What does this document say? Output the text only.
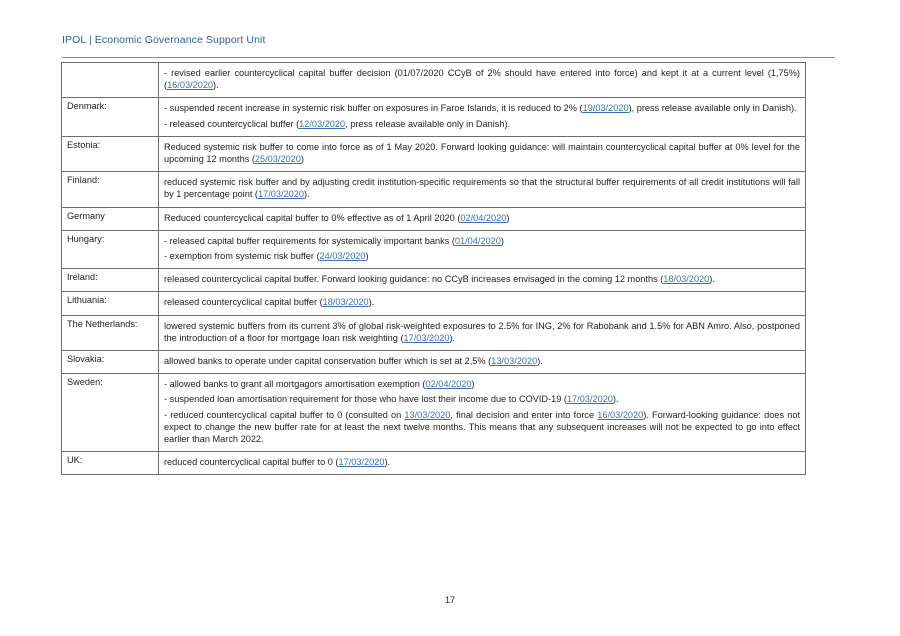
IPOL | Economic Governance Support Unit

	- revised earlier countercyclical capital buffer decision (01/07/2020 CCyB of 2% should have entered into force) and kept it at a current level (1,75%) (16/03/2020).

Denmark:	- suspended recent increase in systemic risk buffer on exposures in Faroe Islands, it is reduced to 2% (19/03/2020), press release available only in Danish).
- released countercyclical buffer (12/03/2020, press release available only in Danish).

Estonia:	Reduced systemic risk buffer to come into force as of 1 May 2020. Forward looking guidance: will maintain countercyclical capital buffer at 0% level for the upcoming 12 months (25/03/2020)

Finland:	reduced systemic risk buffer and by adjusting credit institution-specific requirements so that the structural buffer requirements of all credit institutions will fall by 1 percentage point (17/03/2020).

Germany	Reduced countercyclical capital buffer to 0% effective as of 1 April 2020 (02/04/2020)

Hungary:	- released capital buffer requirements for systemically important banks (01/04/2020)
- exemption from systemic risk buffer (24/03/2020)

Ireland:	released countercyclical capital buffer. Forward looking guidance: no CCyB increases envisaged in the coming 12 months (18/03/2020).

Lithuania:	released countercyclical capital buffer (18/03/2020).

The Netherlands:	lowered systemic buffers from its current 3% of global risk-weighted exposures to 2.5% for ING, 2% for Rabobank and 1.5% for ABN Amro. Also, postponed the introduction of a floor for mortgage loan risk weighting (17/03/2020).

Slovakia:	allowed banks to operate under capital conservation buffer which is set at 2,5% (13/03/2020).

Sweden:	- allowed banks to grant all mortgagors amortisation exemption (02/04/2020)
- suspended loan amortisation requirement for those who have lost their income due to COVID-19 (17/03/2020).
- reduced countercyclical capital buffer to 0 (consulted on 13/03/2020, final decision and enter into force 16/03/2020). Forward-looking guidance: does not expect to change the new buffer rate for at least the next twelve months. This means that any subsequent increases will not be expected to go into effect earlier than March 2022.

UK:	reduced countercyclical capital buffer to 0 (17/03/2020).
17
